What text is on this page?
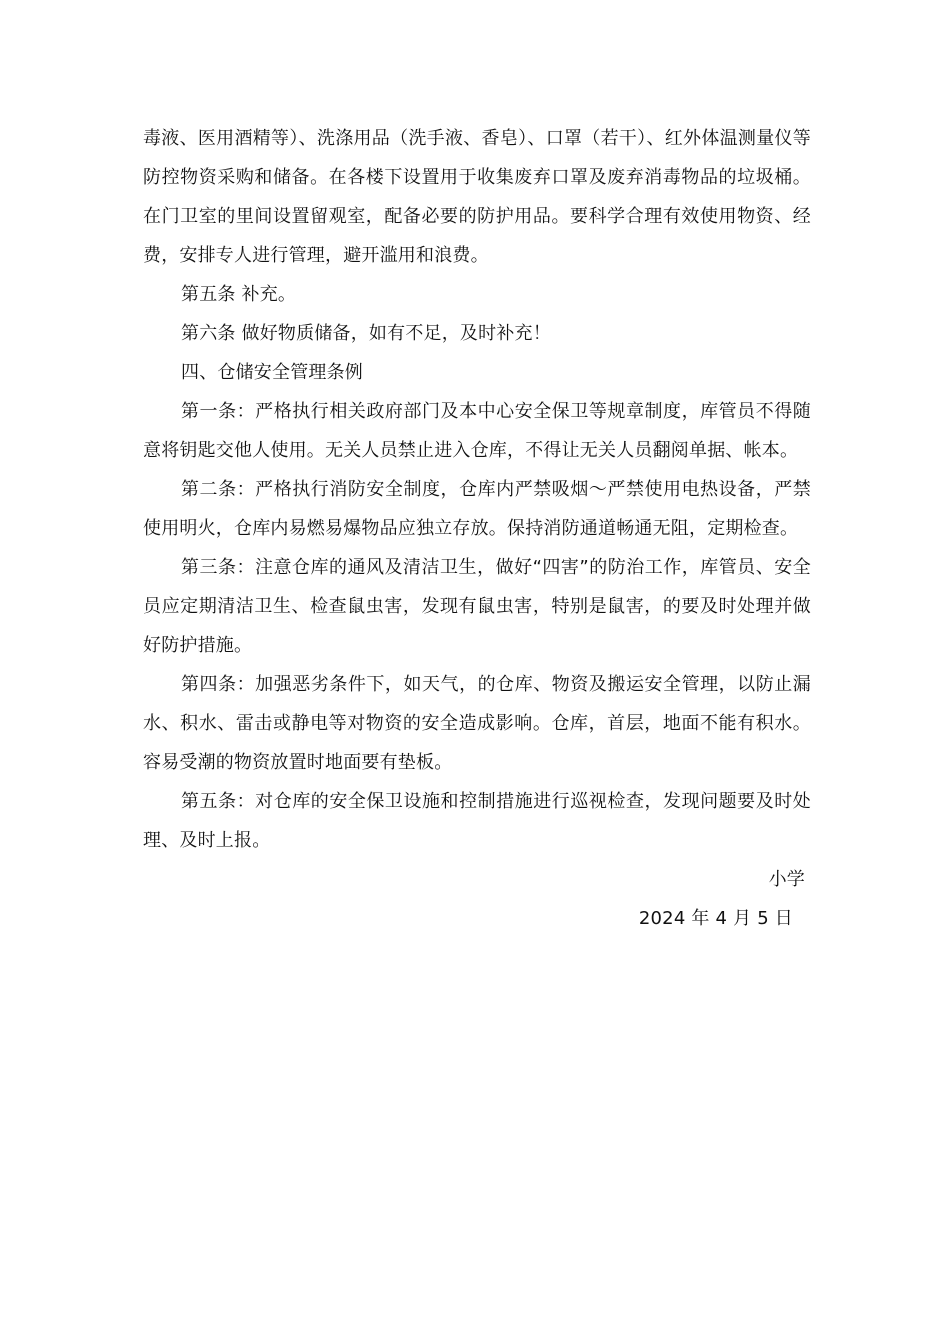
毒液、医用酒精等）、洗涤用品（洗手液、香皂）、口罩（若干）、红外体温测量仪等防控物资采购和储备。在各楼下设置用于收集废弃口罩及废弃消毒物品的垃圾桶。在门卫室的里间设置留观室，配备必要的防护用品。要科学合理有效使用物资、经费，安排专人进行管理，避开滥用和浪费。

第五条 补充。

第六条 做好物质储备，如有不足，及时补充！

四、仓储安全管理条例

第一条：严格执行相关政府部门及本中心安全保卫等规章制度，库管员不得随意将钥匙交他人使用。无关人员禁止进入仓库，不得让无关人员翻阅单据、帐本。

第二条：严格执行消防安全制度，仓库内严禁吸烟～严禁使用电热设备，严禁使用明火，仓库内易燃易爆物品应独立存放。保持消防通道畅通无阻，定期检查。

第三条：注意仓库的通风及清洁卫生，做好“四害”的防治工作，库管员、安全员应定期清洁卫生、检查鼠虫害，发现有鼠虫害，特别是鼠害，的要及时处理并做好防护措施。

第四条：加强恶劣条件下，如天气，的仓库、物资及搬运安全管理，以防止漏水、积水、雷击或静电等对物资的安全造成影响。仓库，首层，地面不能有积水。容易受潮的物资放置时地面要有垫板。

第五条：对仓库的安全保卫设施和控制措施进行巡视检查，发现问题要及时处理、及时上报。

小学

2024 年 4 月 5 日
